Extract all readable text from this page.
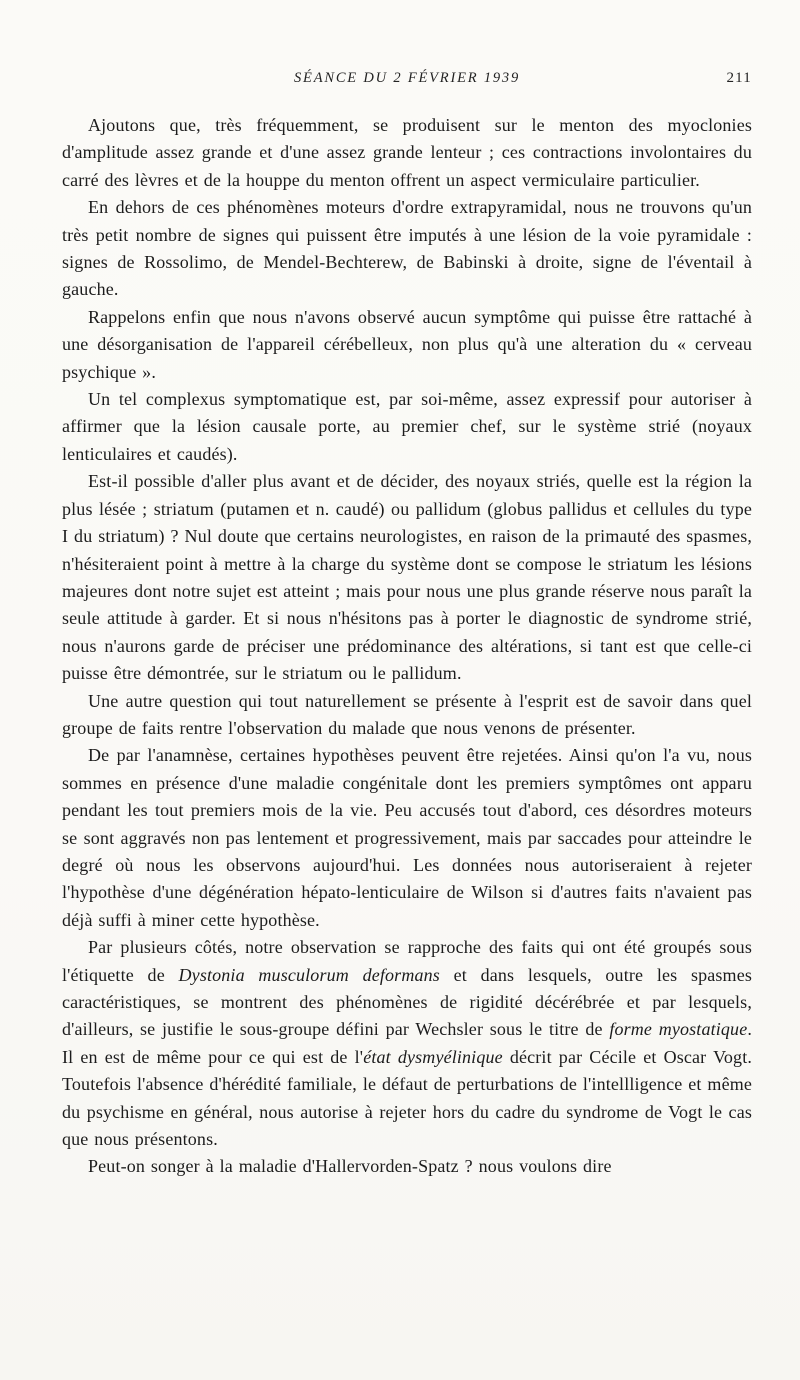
SÉANCE DU 2 FÉVRIER 1939	211

Ajoutons que, très fréquemment, se produisent sur le menton des myoclonies d'amplitude assez grande et d'une assez grande lenteur ; ces contractions involontaires du carré des lèvres et de la houppe du menton offrent un aspect vermiculaire particulier.

En dehors de ces phénomènes moteurs d'ordre extrapyramidal, nous ne trouvons qu'un très petit nombre de signes qui puissent être imputés à une lésion de la voie pyramidale : signes de Rossolimo, de Mendel-Bechterew, de Babinski à droite, signe de l'éventail à gauche.

Rappelons enfin que nous n'avons observé aucun symptôme qui puisse être rattaché à une désorganisation de l'appareil cérébelleux, non plus qu'à une alteration du « cerveau psychique ».

Un tel complexus symptomatique est, par soi-même, assez expressif pour autoriser à affirmer que la lésion causale porte, au premier chef, sur le système strié (noyaux lenticulaires et caudés).

Est-il possible d'aller plus avant et de décider, des noyaux striés, quelle est la région la plus lésée ; striatum (putamen et n. caudé) ou pallidum (globus pallidus et cellules du type I du striatum) ? Nul doute que certains neurologistes, en raison de la primauté des spasmes, n'hésiteraient point à mettre à la charge du système dont se compose le striatum les lésions majeures dont notre sujet est atteint ; mais pour nous une plus grande réserve nous paraît la seule attitude à garder. Et si nous n'hésitons pas à porter le diagnostic de syndrome strié, nous n'aurons garde de préciser une prédominance des altérations, si tant est que celle-ci puisse être démontrée, sur le striatum ou le pallidum.

Une autre question qui tout naturellement se présente à l'esprit est de savoir dans quel groupe de faits rentre l'observation du malade que nous venons de présenter.

De par l'anamnèse, certaines hypothèses peuvent être rejetées. Ainsi qu'on l'a vu, nous sommes en présence d'une maladie congénitale dont les premiers symptômes ont apparu pendant les tout premiers mois de la vie. Peu accusés tout d'abord, ces désordres moteurs se sont aggravés non pas lentement et progressivement, mais par saccades pour atteindre le degré où nous les observons aujourd'hui. Les données nous autoriseraient à rejeter l'hypothèse d'une dégénération hépato-lenticulaire de Wilson si d'autres faits n'avaient pas déjà suffi à miner cette hypothèse.

Par plusieurs côtés, notre observation se rapproche des faits qui ont été groupés sous l'étiquette de Dystonia musculorum deformans et dans lesquels, outre les spasmes caractéristiques, se montrent des phénomènes de rigidité décérébrée et par lesquels, d'ailleurs, se justifie le sous-groupe défini par Wechsler sous le titre de forme myostatique. Il en est de même pour ce qui est de l'état dysmyélinique décrit par Cécile et Oscar Vogt. Toutefois l'absence d'hérédité familiale, le défaut de perturbations de l'intellligence et même du psychisme en général, nous autorise à rejeter hors du cadre du syndrome de Vogt le cas que nous présentons.

Peut-on songer à la maladie d'Hallervorden-Spatz ? nous voulons dire
